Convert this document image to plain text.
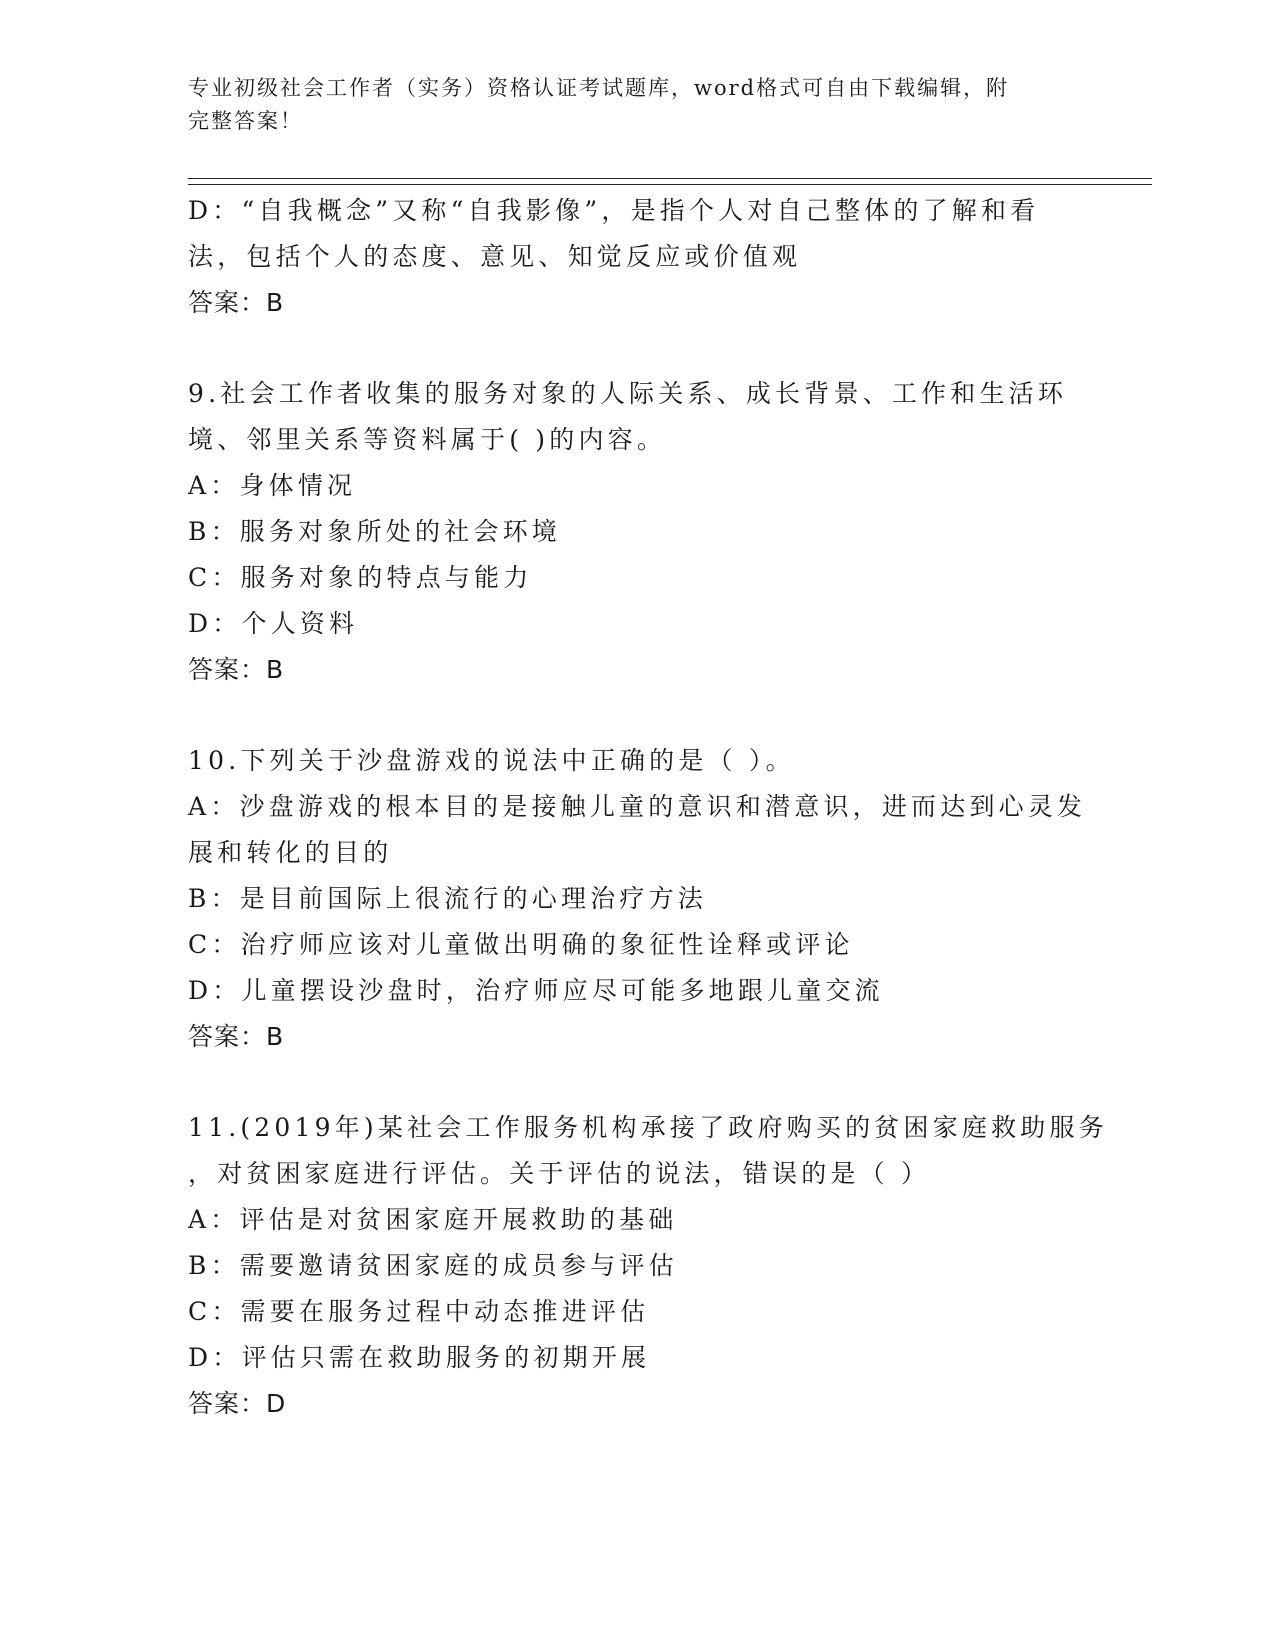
专业初级社会工作者（实务）资格认证考试题库，word格式可自由下载编辑，附
完整答案！
D：“自我概念”又称“自我影像”，是指个人对自己整体的了解和看
法，包括个人的态度、意见、知觉反应或价值观
答案：B
9.社会工作者收集的服务对象的人际关系、成长背景、工作和生活环
境、邻里关系等资料属于( )的内容。
A：身体情况
B：服务对象所处的社会环境
C：服务对象的特点与能力
D：个人资料
答案：B
10.下列关于沙盘游戏的说法中正确的是（ ）。
A：沙盘游戏的根本目的是接触儿童的意识和潜意识，进而达到心灵发
展和转化的目的
B：是目前国际上很流行的心理治疗方法
C：治疗师应该对儿童做出明确的象征性诠释或评论
D：儿童摆设沙盘时，治疗师应尽可能多地跟儿童交流
答案：B
11.(2019年)某社会工作服务机构承接了政府购买的贫困家庭救助服务
，对贫困家庭进行评估。关于评估的说法，错误的是（ ）
A：评估是对贫困家庭开展救助的基础
B：需要邀请贫困家庭的成员参与评估
C：需要在服务过程中动态推进评估
D：评估只需在救助服务的初期开展
答案：D
